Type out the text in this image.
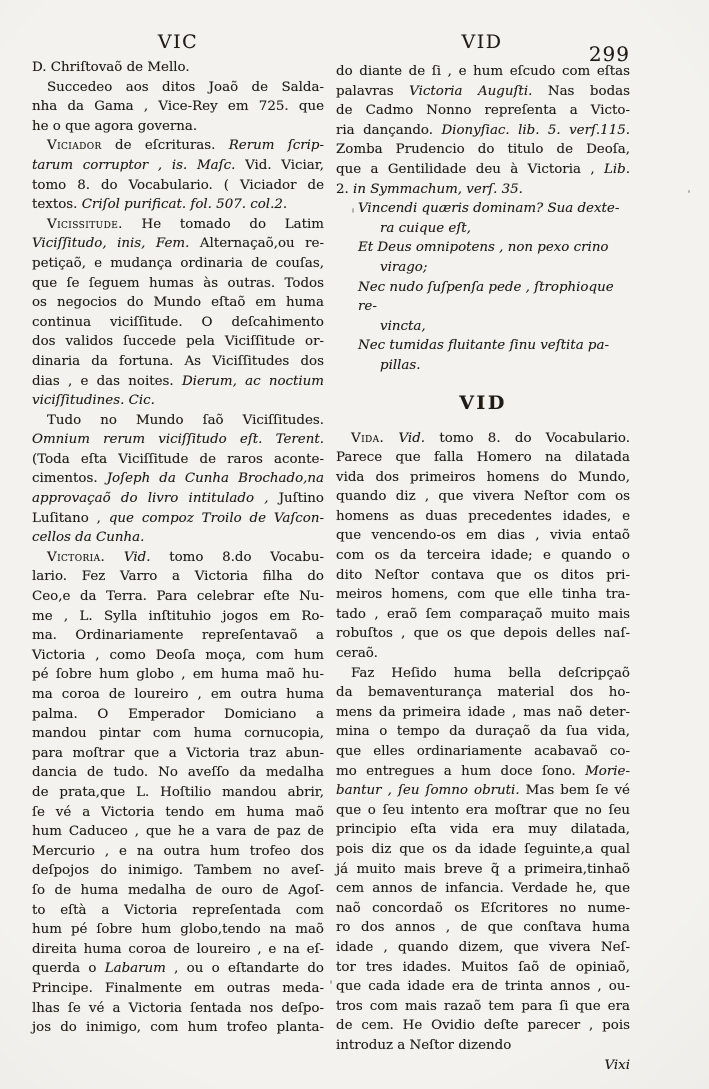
VIC	VID	299
D. Chriſtovaõ de Mello.
Succedeo aos ditos Joaõ de Salda-
nha da Gama , Vice-Rey em 725. que
he o que agora governa.
Viciador de eſcrituras. Rerum ſcrip-
tarum corruptor , is. Maſc. Vid. Viciar,
tomo 8. do Vocabulario. ( Viciador de
textos. Criſol purificat. fol. 507. col.2.
Vicissitude. He tomado do Latim
Viciſſitudo, inis, Fem. Alternaçaõ,ou re-
petiçaõ, e mudança ordinaria de couſas,
que ſe ſeguem humas às outras. Todos
os negocios do Mundo eſtaõ em huma
continua viciſſitude. O deſcahimento
dos validos ſuccede pela Viciſſitude or-
dinaria da fortuna. As Viciſſitudes dos
dias , e das noites. Dierum, ac noctium
viciſſitudines. Cic.
Tudo no Mundo ſaõ Viciſſitudes.
Omnium rerum viciſſitudo eſt. Terent.
(Toda eſta Viciſſitude de raros aconte-
cimentos. Joſeph da Cunha Brochado,na
approvaçaõ do livro intitulado , Juſtino
Luſitano , que compoz Troilo de Vaſcon-
cellos da Cunha.
Victoria. Vid. tomo 8.do Vocabu-
lario. Fez Varro a Victoria filha do
Ceo,e da Terra. Para celebrar eſte Nu-
me , L. Sylla inſtituhio jogos em Ro-
ma. Ordinariamente repreſentavaõ a
Victoria , como Deoſa moça, com hum
pé ſobre hum globo , em huma maõ hu-
ma coroa de loureiro , em outra huma
palma. O Emperador Domiciano a
mandou pintar com huma cornucopia,
para moſtrar que a Victoria traz abun-
dancia de tudo. No aveſſo da medalha
de prata,que L. Hoſtilio mandou abrir,
ſe vé a Victoria tendo em huma maõ
hum Caduceo , que he a vara de paz de
Mercurio , e na outra hum trofeo dos
deſpojos do inimigo. Tambem no aveſ-
ſo de huma medalha de ouro de Agoſ-
to eſtà a Victoria repreſentada com
hum pé ſobre hum globo,tendo na maõ
direita huma coroa de loureiro , e na eſ-
querda o Labarum , ou o eſtandarte do
Principe. Finalmente em outras meda-
lhas ſe vé a Victoria ſentada nos deſpo-
jos do inimigo, com hum trofeo planta-
do diante de ſi , e hum eſcudo com eſtas
palavras Victoria Auguſti. Nas bodas
de Cadmo Nonno repreſenta a Victo-
ria dançando. Dionyſiac. lib. 5. verſ.115.
Zomba Prudencio do titulo de Deoſa,
que a Gentilidade deu à Victoria , Lib.
2. in Symmachum, verſ. 35.
Vincendi quæris dominam? Sua dexte-
ra cuique eſt,
Et Deus omnipotens , non pexo crino
virago;
Nec nudo ſuſpenſa pede , ſtrophioque re-
vincta,
Nec tumidas fluitante ſinu veſtita pa-
pillas.
VID
Vida. Vid. tomo 8. do Vocabulario.
Parece que falla Homero na dilatada
vida dos primeiros homens do Mundo,
quando diz , que vivera Neſtor com os
homens as duas precedentes idades, e
que vencendo-os em dias , vivia entaõ
com os da terceira idade; e quando o
dito Neſtor contava que os ditos pri-
meiros homens, com que elle tinha tra-
tado , eraõ ſem comparaçaõ muito mais
robuſtos , que os que depois delles naſ-
ceraõ.
Faz Heſido huma bella deſcripçaõ
da bemaventurança material dos ho-
mens da primeira idade , mas naõ deter-
mina o tempo da duraçaõ da ſua vida,
que elles ordinariamente acabavaõ co-
mo entregues a hum doce ſono. Morie-
bantur , ſeu ſomno obruti. Mas bem ſe vé
que o ſeu intento era moſtrar que no ſeu
principio eſta vida era muy dilatada,
pois diz que os da idade ſeguinte,a qual
já muito mais breve q̃ a primeira,tinhaõ
cem annos de infancia. Verdade he, que
naõ concordaõ os Eſcritores no nume-
ro dos annos , de que conſtava huma
idade , quando dizem, que vivera Neſ-
tor tres idades. Muitos ſaõ de opiniaõ,
que cada idade era de trinta annos , ou-
tros com mais razaõ tem para ſi que era
de cem. He Ovidio deſte parecer , pois
introduz a Neſtor dizendo
Vixi
